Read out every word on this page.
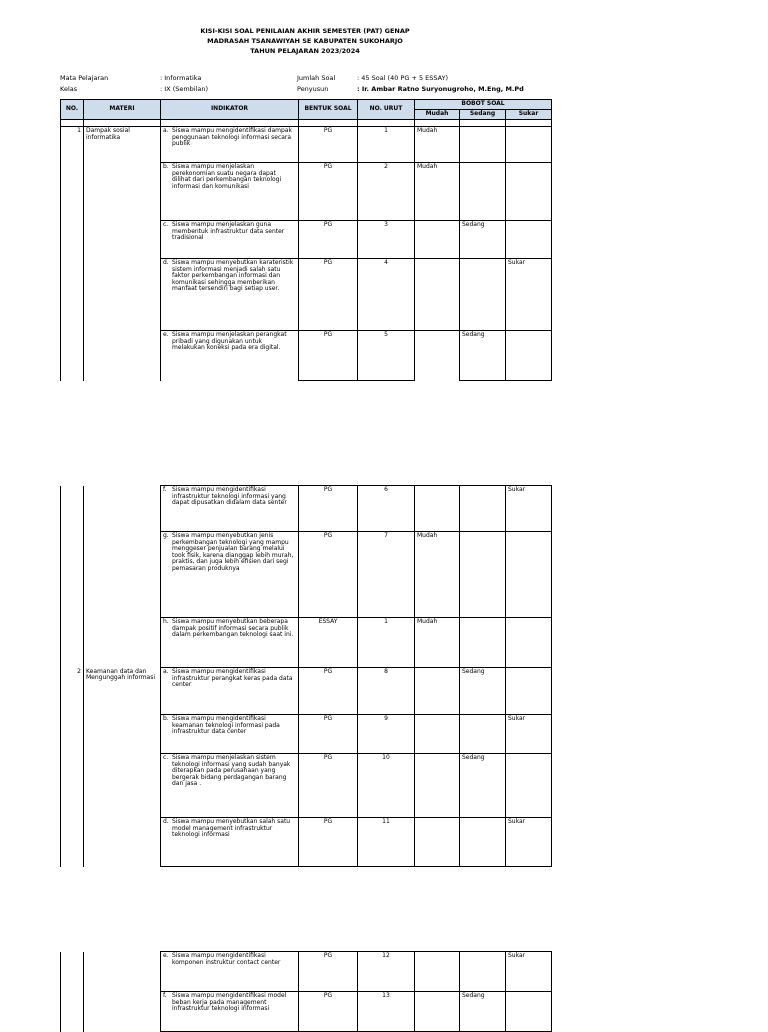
KISI-KISI SOAL PENILAIAN AKHIR SEMESTER (PAT) GENAP
MADRASAH TSANAWIYAH SE KABUPATEN SUKOHARJO
TAHUN PELAJARAN 2023/2024
Mata Pelajaran	: Informatika	Jumlah Soal	: 45 Soal (40 PG + 5 ESSAY)
Kelas	: IX (Sembilan)	Penyusun	: Ir. Ambar Ratno Suryonugroho, M.Eng, M.Pd
NO.	MATERI	INDIKATOR	BENTUK SOAL	NO. URUT	BOBOT SOAL		
					Mudah	Sedang	Sukar

1	Dampak sosial informatika	a. Siswa mampu mengidentifikasi dampak penggunaan teknologi informasi secara publik	PG	1	Mudah		

		b. Siswa mampu menjelaskan perekonomian suatu negara dapat dilihat dari perkembangan teknologi informasi dan komunikasi	PG	2	Mudah		

		c. Siswa mampu menjelaskan guna membentuk infrastruktur data senter tradisional	PG	3		Sedang	

		d. Siswa mampu menyebutkan karateristik sistem informasi menjadi salah satu faktor perkembangan informasi dan komunikasi sehingga memberikan manfaat tersendiri bagi setiap user.	PG	4			Sukar

		e. Siswa mampu menjelaskan perangkat pribadi yang digunakan untuk melakukan koneksi pada era digital.	PG	5		Sedang	

		f. Siswa mampu mengidentifikasi infrastruktur teknologi informasi yang dapat dipusatkan didalam data senter	PG	6			Sukar

		g. Siswa mampu menyebutkan jenis perkembangan teknologi yang mampu menggeser penjualan barang melalui took fisik, karena dianggap lebih murah, praktis, dan juga lebih efisien dari segi pemasaran produknya	PG	7	Mudah		

		h. Siswa mampu menyebutkan beberapa dampak positif informasi secara publik dalam perkembangan teknologi saat ini.	ESSAY	1	Mudah		
2	Keamanan data dan Mengunggah informasi	a. Siswa mampu mengidentifikasi infrastruktur perangkat keras pada data center	PG	8		Sedang	

		b. Siswa mampu mengidentifikasi keamanan teknologi informasi pada infrastruktur data center	PG	9			Sukar

		c. Siswa mampu menjelaskan sistem teknologi informasi yang sudah banyak diterapkan pada perusahaan yang bergerak bidang perdagangan barang dan jasa .	PG	10		Sedang	

		d. Siswa mampu menyebutkan salah satu model management infrastruktur teknologi informasi	PG	11			Sukar

		e. Siswa mampu mengidentifikasi komponen instruktur contact center	PG	12			Sukar

		f. Siswa mampu mengidentifikasi model beban kerja pada management infrastruktur teknologi informasi	PG	13		Sedang	
